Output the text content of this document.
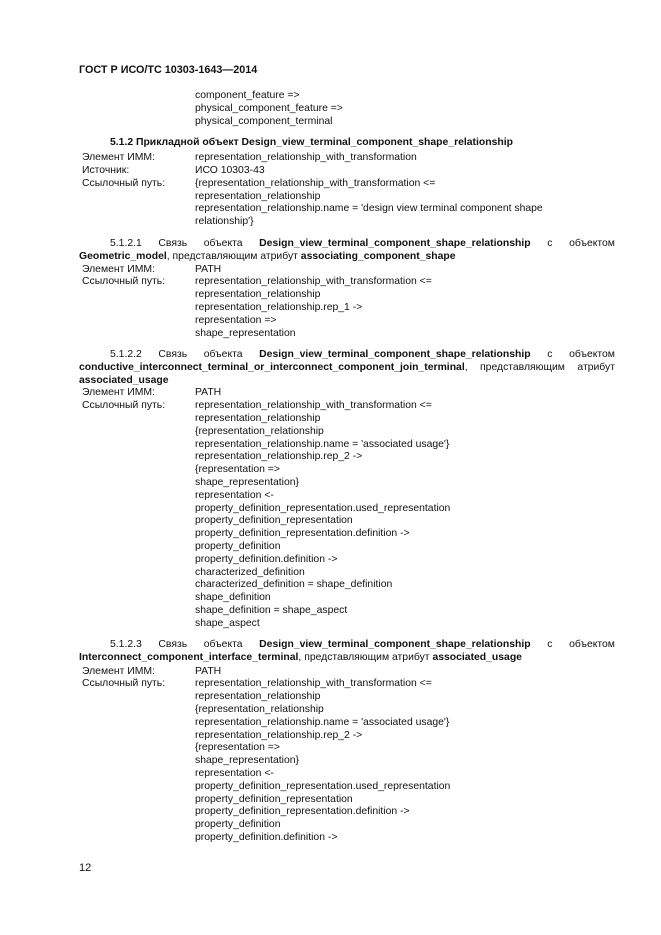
ГОСТ Р ИСО/ТС 10303-1643—2014
component_feature =>
physical_component_feature =>
physical_component_terminal
5.1.2 Прикладной объект Design_view_terminal_component_shape_relationship
Элемент ИММ:	representation_relationship_with_transformation
Источник:	ИСО 10303-43
Ссылочный путь:	{representation_relationship_with_transformation <=
representation_relationship
representation_relationship.name = 'design view terminal component shape
relationship'}
5.1.2.1 Связь объекта Design_view_terminal_component_shape_relationship с объектом
Geometric_model, представляющим атрибут associating_component_shape
Элемент ИММ:	PATH
Ссылочный путь:	representation_relationship_with_transformation <=
representation_relationship
representation_relationship.rep_1 ->
representation =>
shape_representation
5.1.2.2 Связь объекта Design_view_terminal_component_shape_relationship с объектом
conductive_interconnect_terminal_or_interconnect_component_join_terminal, представляющим атрибут
associated_usage
Элемент ИММ:	PATH
Ссылочный путь:	representation_relationship_with_transformation <=
representation_relationship
{representation_relationship
representation_relationship.name = 'associated usage'}
representation_relationship.rep_2 ->
{representation =>
shape_representation}
representation <-
property_definition_representation.used_representation
property_definition_representation
property_definition_representation.definition ->
property_definition
property_definition.definition ->
characterized_definition
characterized_definition = shape_definition
shape_definition
shape_definition = shape_aspect
shape_aspect
5.1.2.3 Связь объекта Design_view_terminal_component_shape_relationship с объектом
Interconnect_component_interface_terminal, представляющим атрибут associated_usage
Элемент ИММ:	PATH
Ссылочный путь:	representation_relationship_with_transformation <=
representation_relationship
{representation_relationship
representation_relationship.name = 'associated usage'}
representation_relationship.rep_2 ->
{representation =>
shape_representation}
representation <-
property_definition_representation.used_representation
property_definition_representation
property_definition_representation.definition ->
property_definition
property_definition.definition ->
12
